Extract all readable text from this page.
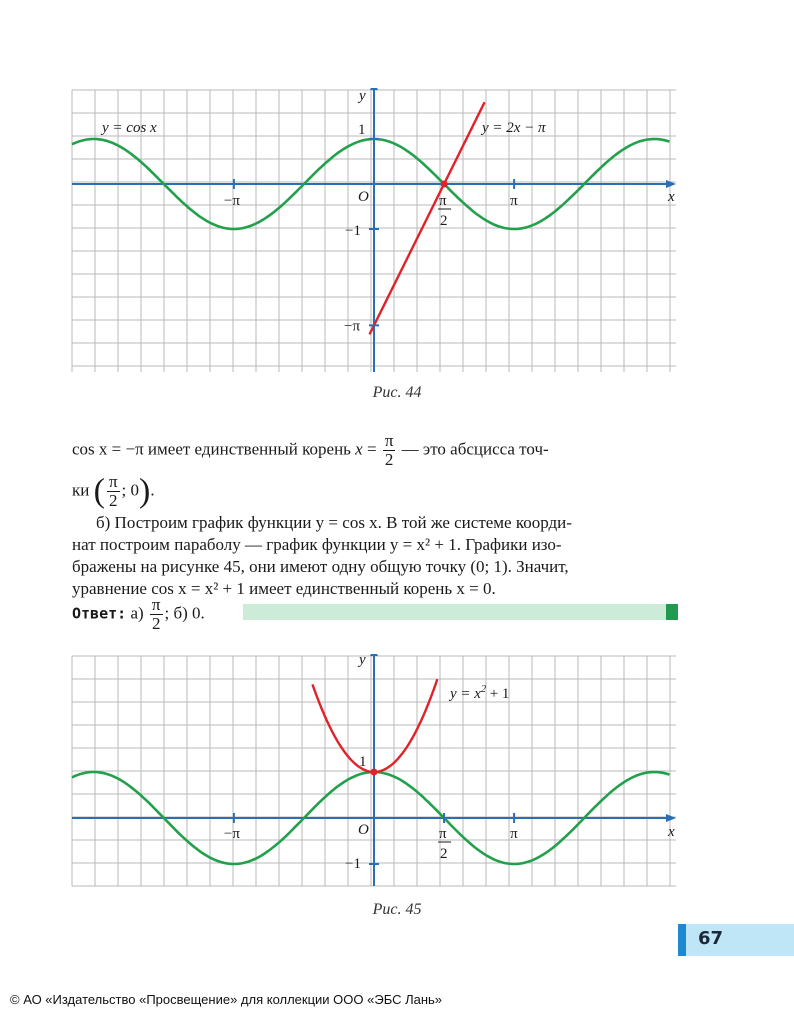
y = cos x	y = 2x − π
y
x
O
1
−1
−π	π
π
2
−π
Рис. 44
cos x = −π имеет единственный корень $x = \frac{\pi}{2}$ — это абсцисса точ-
ки ( $\frac{\pi}{2}$ ; 0).
б) Построим график функции y = cos x. В той же системе коорди-
нат построим параболу — график функции y = x² + 1. Графики изо-
бражены на рисунке 45, они имеют одну общую точку (0; 1). Значит,
уравнение cos x = x² + 1 имеет единственный корень x = 0.
Ответ: $а) \frac{\pi}{2}$ ; б) 0.
y
x
O
1
−1
−π	π
π
2
$y = x^2 + 1$
Рис. 45
67
© АО «Издательство «Просвещение» для коллекции ООО «ЭБС Лань»
